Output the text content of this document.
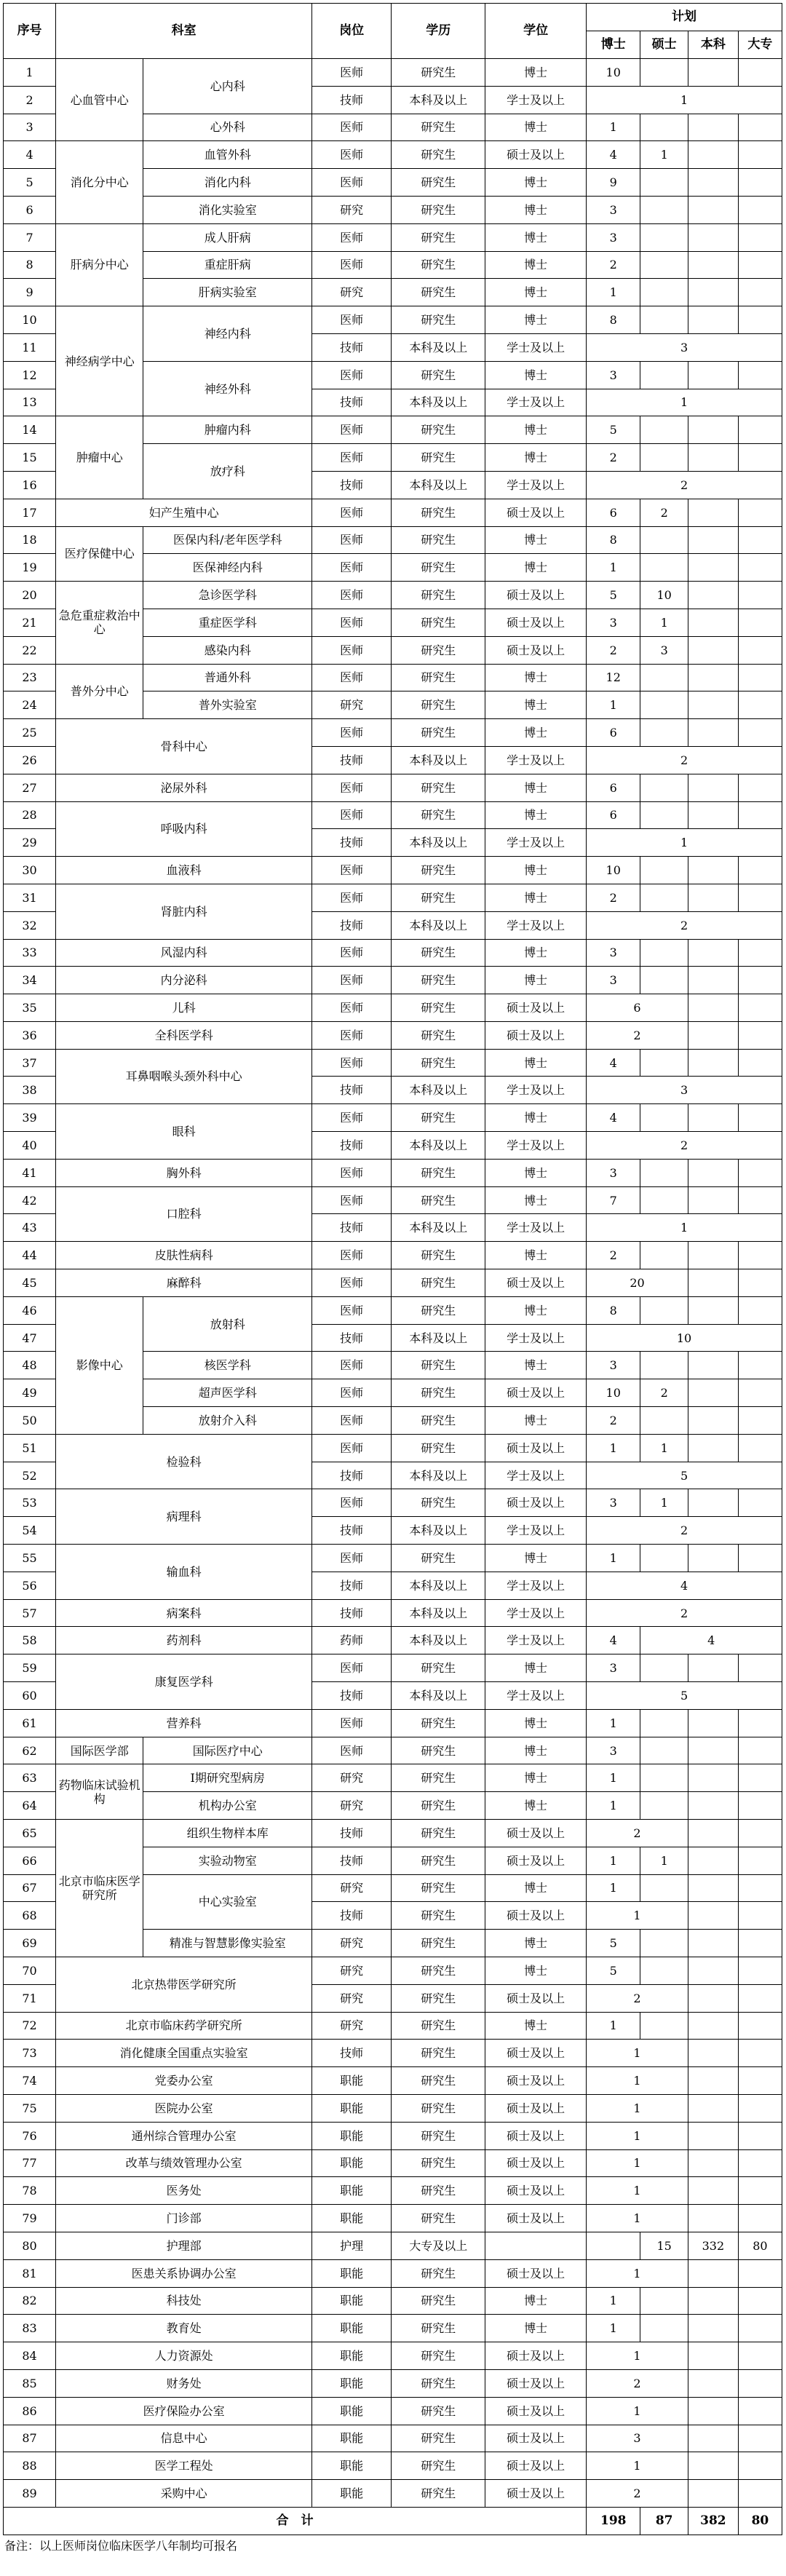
序号	科室		岗位	学历	学位	计划			
						博士	硕士	本科	大专
1	心血管中心	心内科	医师	研究生	博士	10			
2			技师	本科及以上	学士及以上	1			
3		心外科	医师	研究生	博士	1			
4	消化分中心	血管外科	医师	研究生	硕士及以上	4	1		
5		消化内科	医师	研究生	博士	9			
6		消化实验室	研究	研究生	博士	3			
7	肝病分中心	成人肝病	医师	研究生	博士	3			
8		重症肝病	医师	研究生	博士	2			
9		肝病实验室	研究	研究生	博士	1			
10	神经病学中心	神经内科	医师	研究生	博士	8			
11			技师	本科及以上	学士及以上	3			
12		神经外科	医师	研究生	博士	3			
13			技师	本科及以上	学士及以上	1			
14	肿瘤中心	肿瘤内科	医师	研究生	博士	5			
15		放疗科	医师	研究生	博士	2			
16			技师	本科及以上	学士及以上	2			
17	妇产生殖中心		医师	研究生	硕士及以上	6	2		
18	医疗保健中心	医保内科/老年医学科	医师	研究生	博士	8			
19		医保神经内科	医师	研究生	博士	1			
20	急危重症救治中心	急诊医学科	医师	研究生	硕士及以上	5	10		
21		重症医学科	医师	研究生	硕士及以上	3	1		
22		感染内科	医师	研究生	硕士及以上	2	3		
23	普外分中心	普通外科	医师	研究生	博士	12			
24		普外实验室	研究	研究生	博士	1			
25	骨科中心		医师	研究生	博士	6			
26			技师	本科及以上	学士及以上	2			
27	泌尿外科		医师	研究生	博士	6			
28	呼吸内科		医师	研究生	博士	6			
29			技师	本科及以上	学士及以上	1			
30	血液科		医师	研究生	博士	10			
31	肾脏内科		医师	研究生	博士	2			
32			技师	本科及以上	学士及以上	2			
33	风湿内科		医师	研究生	博士	3			
34	内分泌科		医师	研究生	博士	3			
35	儿科		医师	研究生	硕士及以上	6			
36	全科医学科		医师	研究生	硕士及以上	2			
37	耳鼻咽喉头颈外科中心		医师	研究生	博士	4			
38			技师	本科及以上	学士及以上	3			
39	眼科		医师	研究生	博士	4			
40			技师	本科及以上	学士及以上	2			
41	胸外科		医师	研究生	博士	3			
42	口腔科		医师	研究生	博士	7			
43			技师	本科及以上	学士及以上	1			
44	皮肤性病科		医师	研究生	博士	2			
45	麻醉科		医师	研究生	硕士及以上	20			
46	影像中心	放射科	医师	研究生	博士	8			
47			技师	本科及以上	学士及以上	10			
48		核医学科	医师	研究生	博士	3			
49		超声医学科	医师	研究生	硕士及以上	10	2		
50		放射介入科	医师	研究生	博士	2			
51	检验科		医师	研究生	硕士及以上	1	1		
52			技师	本科及以上	学士及以上	5			
53	病理科		医师	研究生	硕士及以上	3	1		
54			技师	本科及以上	学士及以上	2			
55	输血科		医师	研究生	博士	1			
56			技师	本科及以上	学士及以上	4			
57	病案科		技师	本科及以上	学士及以上	2			
58	药剂科		药师	本科及以上	学士及以上	4	4		
59	康复医学科		医师	研究生	博士	3			
60			技师	本科及以上	学士及以上	5			
61	营养科		医师	研究生	博士	1			
62	国际医学部	国际医疗中心	医师	研究生	博士	3			
63	药物临床试验机构	I期研究型病房	研究	研究生	博士	1			
64		机构办公室	研究	研究生	博士	1			
65	北京市临床医学研究所	组织生物样本库	技师	研究生	硕士及以上	2			
66		实验动物室	技师	研究生	硕士及以上	1	1		
67		中心实验室	研究	研究生	博士	1			
68			技师	研究生	硕士及以上	1			
69		精准与智慧影像实验室	研究	研究生	博士	5			
70	北京热带医学研究所		研究	研究生	博士	5			
71			研究	研究生	硕士及以上	2			
72	北京市临床药学研究所		研究	研究生	博士	1			
73	消化健康全国重点实验室		技师	研究生	硕士及以上	1			
74	党委办公室		职能	研究生	硕士及以上	1			
75	医院办公室		职能	研究生	硕士及以上	1			
76	通州综合管理办公室		职能	研究生	硕士及以上	1			
77	改革与绩效管理办公室		职能	研究生	硕士及以上	1			
78	医务处		职能	研究生	硕士及以上	1			
79	门诊部		职能	研究生	硕士及以上	1			
80	护理部		护理	大专及以上			15	332	80
81	医患关系协调办公室		职能	研究生	硕士及以上	1			
82	科技处		职能	研究生	博士	1			
83	教育处		职能	研究生	博士	1			
84	人力资源处		职能	研究生	硕士及以上	1			
85	财务处		职能	研究生	硕士及以上	2			
86	医疗保险办公室		职能	研究生	硕士及以上	1			
87	信息中心		职能	研究生	硕士及以上	3			
88	医学工程处		职能	研究生	硕士及以上	1			
89	采购中心		职能	研究生	硕士及以上	2			
合　计						198	87	382	80
备注：以上医师岗位临床医学八年制均可报名
